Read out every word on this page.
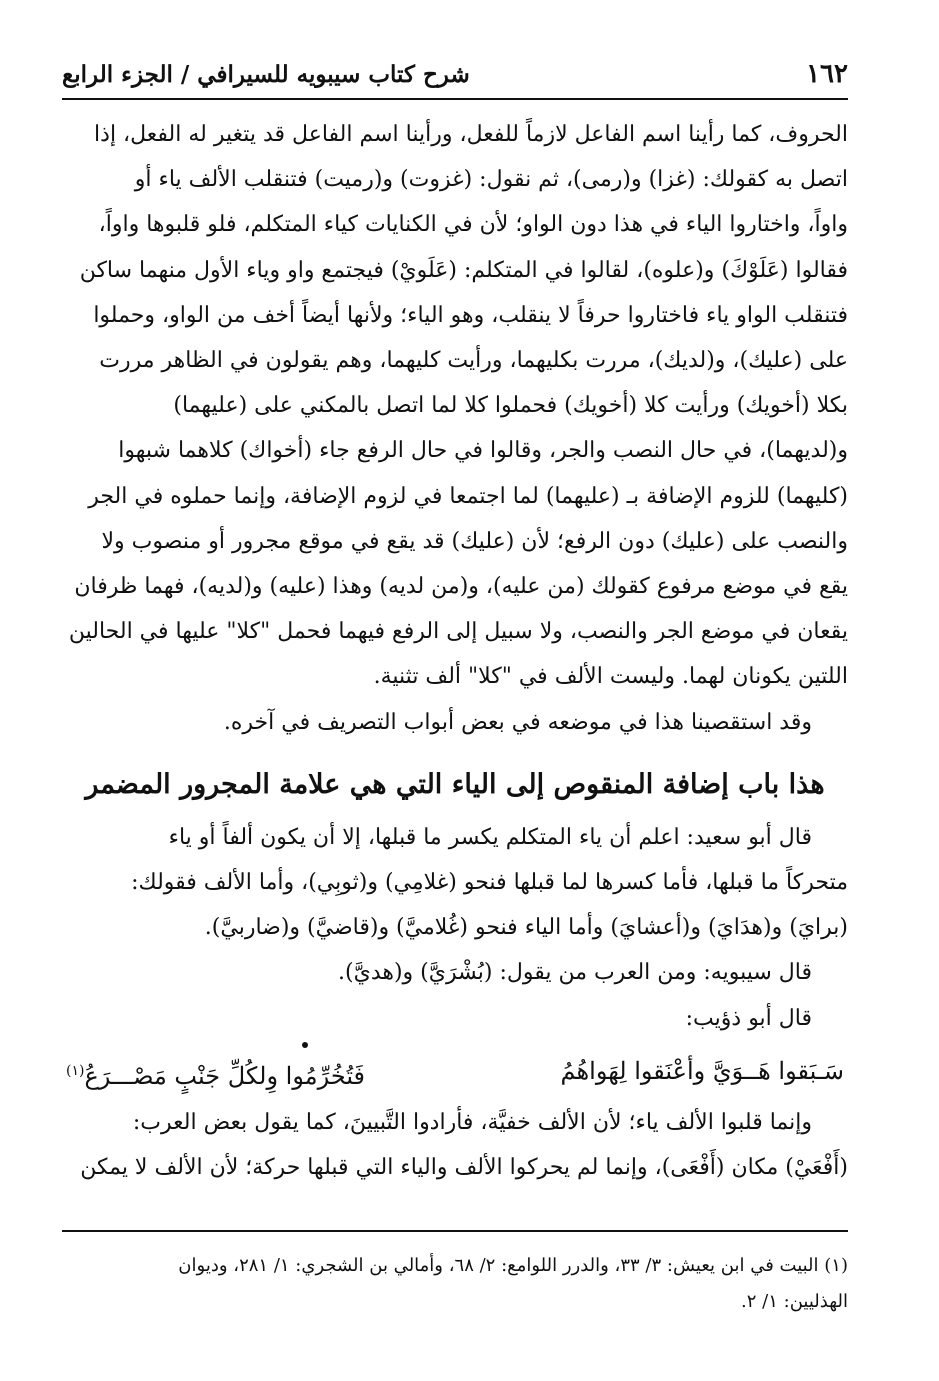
١٦٢
شرح كتاب سيبويه للسيرافي / الجزء الرابع

الحروف، كما رأينا اسم الفاعل لازماً للفعل، ورأينا اسم الفاعل قد يتغير له الفعل، إذا

اتصل به كقولك: (غزا) و(رمى)، ثم نقول: (غزوت) و(رميت) فتنقلب الألف ياء أو

واواً، واختاروا الياء في هذا دون الواو؛ لأن في الكنايات كياء المتكلم، فلو قلبوها واواً،

فقالوا (عَلَوْكَ) و(علوه)، لقالوا في المتكلم: (عَلَويْ) فيجتمع واو وياء الأول منهما ساكن

فتنقلب الواو ياء فاختاروا حرفاً لا ينقلب، وهو الياء؛ ولأنها أيضاً أخف من الواو، وحملوا

على (عليك)، و(لديك)، مررت بكليهما، ورأيت كليهما، وهم يقولون في الظاهر مررت

بكلا (أخويك) ورأيت كلا (أخويك) فحملوا كلا لما اتصل بالمكني على (عليهما)

و(لديهما)، في حال النصب والجر، وقالوا في حال الرفع جاء (أخواك) كلاهما شبهوا

(كليهما) للزوم الإضافة بـ (عليهما) لما اجتمعا في لزوم الإضافة، وإنما حملوه في الجر

والنصب على (عليك) دون الرفع؛ لأن (عليك) قد يقع في موقع مجرور أو منصوب ولا

يقع في موضع مرفوع كقولك (من عليه)، و(من لديه) وهذا (عليه) و(لديه)، فهما ظرفان

يقعان في موضع الجر والنصب، ولا سبيل إلى الرفع فيهما فحمل "كلا" عليها في الحالين

اللتين يكونان لهما. وليست الألف في "كلا" ألف تثنية.

وقد استقصينا هذا في موضعه في بعض أبواب التصريف في آخره.

هذا باب إضافة المنقوص إلى الياء التي هي علامة المجرور المضمر

قال أبو سعيد: اعلم أن ياء المتكلم يكسر ما قبلها، إلا أن يكون ألفاً أو ياء

متحركاً ما قبلها، فأما كسرها لما قبلها فنحو (غلامِي) و(ثوبِي)، وأما الألف فقولك:

(برايَ) و(هدَايَ) و(أعشايَ) وأما الياء فنحو (غُلاميَّ) و(قاضيَّ) و(ضاربيَّ).

قال سيبويه: ومن العرب من يقول: (بُشْرَيَّ) و(هديَّ).

قال أبو ذؤيب:

سَـبَقوا هَــوَيَّ وأعْنَقوا لِهَواهُمُ
فَتُخُرِّمُوا وِلكُلِّ جَنْبٍ مَصْـــرَعُ$^{(١)}$

وإنما قلبوا الألف ياء؛ لأن الألف خفيَّة، فأرادوا التَّبيينَ، كما يقول بعض العرب:

(أَفْعَيْ) مكان (أَفْعَى)، وإنما لم يحركوا الألف والياء التي قبلها حركة؛ لأن الألف لا يمكن

(١) البيت في ابن يعيش: ٣/ ٣٣، والدرر اللوامع: ٢/ ٦٨، وأمالي بن الشجري: ١/ ٢٨١، وديوان
الهذليين: ١/ ٢.
